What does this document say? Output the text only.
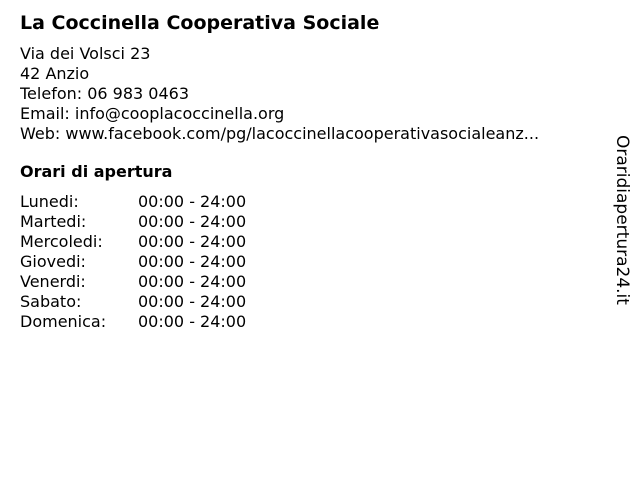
La Coccinella Cooperativa Sociale
Via dei Volsci 23
42 Anzio
Telefon: 06 983 0463
Email: info@cooplacoccinella.org
Web: www.facebook.com/pg/lacoccinellacooperativasocialeanz...
Orari di apertura
Lunedi:	00:00 - 24:00
Martedi:	00:00 - 24:00
Mercoledi:	00:00 - 24:00
Giovedi:	00:00 - 24:00
Venerdi:	00:00 - 24:00
Sabato:	00:00 - 24:00
Domenica:	00:00 - 24:00
Oraridiapertura24.it
